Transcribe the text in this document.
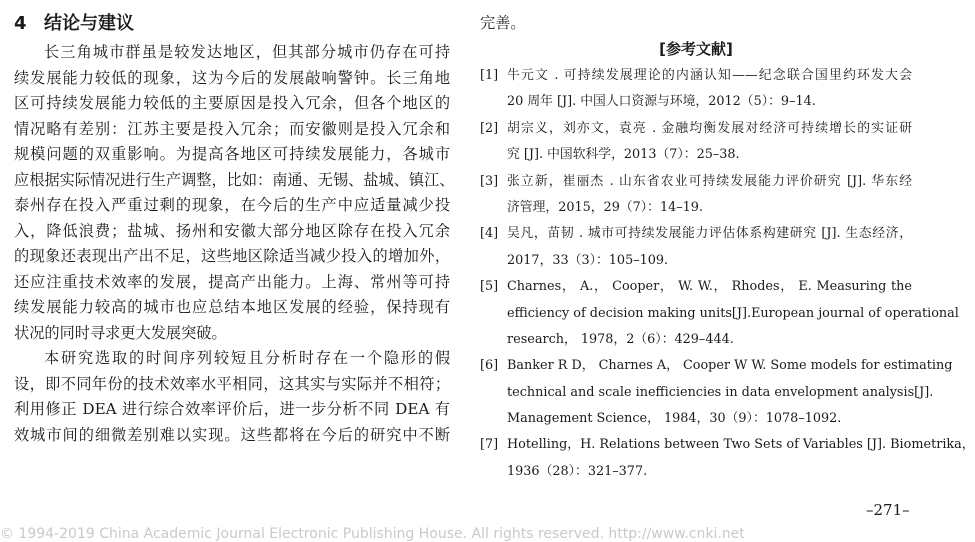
4 结论与建议
长三角城市群虽是较发达地区，但其部分城市仍存在可持
续发展能力较低的现象，这为今后的发展敲响警钟。长三角地
区可持续发展能力较低的主要原因是投入冗余，但各个地区的
情况略有差别：江苏主要是投入冗余；而安徽则是投入冗余和
规模问题的双重影响。为提高各地区可持续发展能力，各城市
应根据实际情况进行生产调整，比如：南通、无锡、盐城、镇江、
泰州存在投入严重过剩的现象，在今后的生产中应适量减少投
入，降低浪费；盐城、扬州和安徽大部分地区除存在投入冗余
的现象还表现出产出不足，这些地区除适当减少投入的增加外，
还应注重技术效率的发展，提高产出能力。上海、常州等可持
续发展能力较高的城市也应总结本地区发展的经验，保持现有
状况的同时寻求更大发展突破。
本研究选取的时间序列较短且分析时存在一个隐形的假
设，即不同年份的技术效率水平相同，这其实与实际并不相符；
利用修正 DEA 进行综合效率评价后，进一步分析不同 DEA 有
效城市间的细微差别难以实现。这些都将在今后的研究中不断
完善。
[参考文献]
[1] 牛元文 . 可持续发展理论的内涵认知——纪念联合国里约环发大会
20 周年 [J]. 中国人口资源与环境，2012（5）：9–14.
[2] 胡宗义，刘亦文，袁亮 . 金融均衡发展对经济可持续增长的实证研
究 [J]. 中国软科学，2013（7）：25–38.
[3] 张立新，崔丽杰 . 山东省农业可持续发展能力评价研究 [J]. 华东经
济管理，2015，29（7）：14–19.
[4] 吴凡，苗韧 . 城市可持续发展能力评估体系构建研究 [J]. 生态经济，
2017，33（3）：105–109.
[5] Charnes， A.， Cooper， W. W.， Rhodes， E. Measuring the
efficiency of decision making units[J].European journal of operational
research， 1978，2（6）：429–444.
[6] Banker R D， Charnes A， Cooper W W. Some models for estimating
technical and scale inefficiencies in data envelopment analysis[J].
Management Science， 1984，30（9）：1078–1092.
[7] Hotelling，H. Relations between Two Sets of Variables [J]. Biometrika，
1936（28）：321–377.
–271–
© 1994-2019 China Academic Journal Electronic Publishing House. All rights reserved. http://www.cnki.net
